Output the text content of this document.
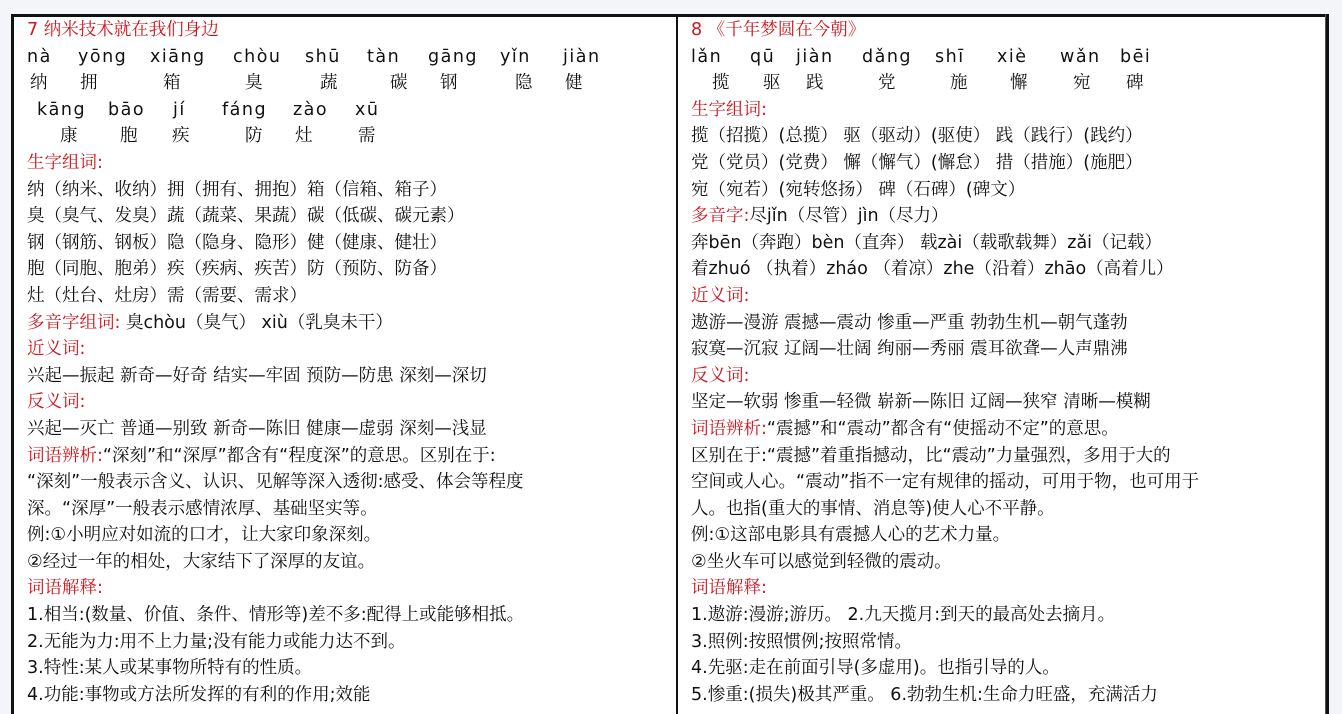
7 纳米技术就在我们身边
nà yōng xiāng chòu shū tàn gāng yǐn jiàn
纳 拥	箱	臭	蔬	碳 钢	隐 健
kāng bāo jí fáng zào xū
康 胞 疾	防 灶	需
生字组词:
纳（纳米、收纳）拥（拥有、拥抱）箱（信箱、箱子）
臭（臭气、发臭）蔬（蔬菜、果蔬）碳（低碳、碳元素）
钢（钢筋、钢板）隐（隐身、隐形）健（健康、健壮）
胞（同胞、胞弟）疾（疾病、疾苦）防（预防、防备）
灶（灶台、灶房）需（需要、需求）
多音字组词: 臭chòu（臭气） xiù（乳臭未干）
近义词:
兴起—振起 新奇—好奇 结实—牢固 预防—防患 深刻—深切
反义词:
兴起—灭亡 普通—别致 新奇—陈旧 健康—虚弱 深刻—浅显
词语辨析:“深刻”和“深厚”都含有“程度深”的意思。区别在于:
“深刻”一般表示含义、认识、见解等深入透彻:感受、体会等程度
深。“深厚”一般表示感情浓厚、基础坚实等。
例:①小明应对如流的口才，让大家印象深刻。
②经过一年的相处，大家结下了深厚的友谊。
词语解释:
1.相当:(数量、价值、条件、情形等)差不多:配得上或能够相抵。
2.无能为力:用不上力量;没有能力或能力达不到。
3.特性:某人或某事物所特有的性质。
4.功能:事物或方法所发挥的有利的作用;效能
8 《千年梦圆在今朝》
lǎn qū jiàn dǎng shī xiè wǎn bēi
揽 驱 践	党	施 懈	宛 碑
生字组词:
揽（招揽）(总揽） 驱（驱动）(驱使） 践（践行）(践约）
党（党员）(党费） 懈（懈气）(懈怠） 措（措施）(施肥）
宛（宛若）(宛转悠扬） 碑（石碑）(碑文）
多音字:尽jǐn（尽管）jìn（尽力）
奔bēn（奔跑）bèn（直奔） 载zài（载歌载舞）zǎi（记载）
着zhuó （执着）zháo （着凉）zhe（沿着）zhāo（高着儿）
近义词:
遨游—漫游 震撼—震动 惨重—严重 勃勃生机—朝气蓬勃
寂寞—沉寂 辽阔—壮阔 绚丽—秀丽 震耳欲聋—人声鼎沸
反义词:
坚定—软弱 惨重—轻微 崭新—陈旧 辽阔—狭窄 清晰—模糊
词语辨析:“震撼”和“震动”都含有“使摇动不定”的意思。
区别在于:“震撼”着重指撼动，比“震动”力量强烈，多用于大的
空间或人心。“震动”指不一定有规律的摇动，可用于物，也可用于
人。也指(重大的事情、消息等)使人心不平静。
例:①这部电影具有震撼人心的艺术力量。
②坐火车可以感觉到轻微的震动。
词语解释:
1.遨游:漫游;游历。 2.九天揽月:到天的最高处去摘月。
3.照例:按照惯例;按照常情。
4.先驱:走在前面引导(多虚用)。也指引导的人。
5.惨重:(损失)极其严重。 6.勃勃生机:生命力旺盛，充满活力
